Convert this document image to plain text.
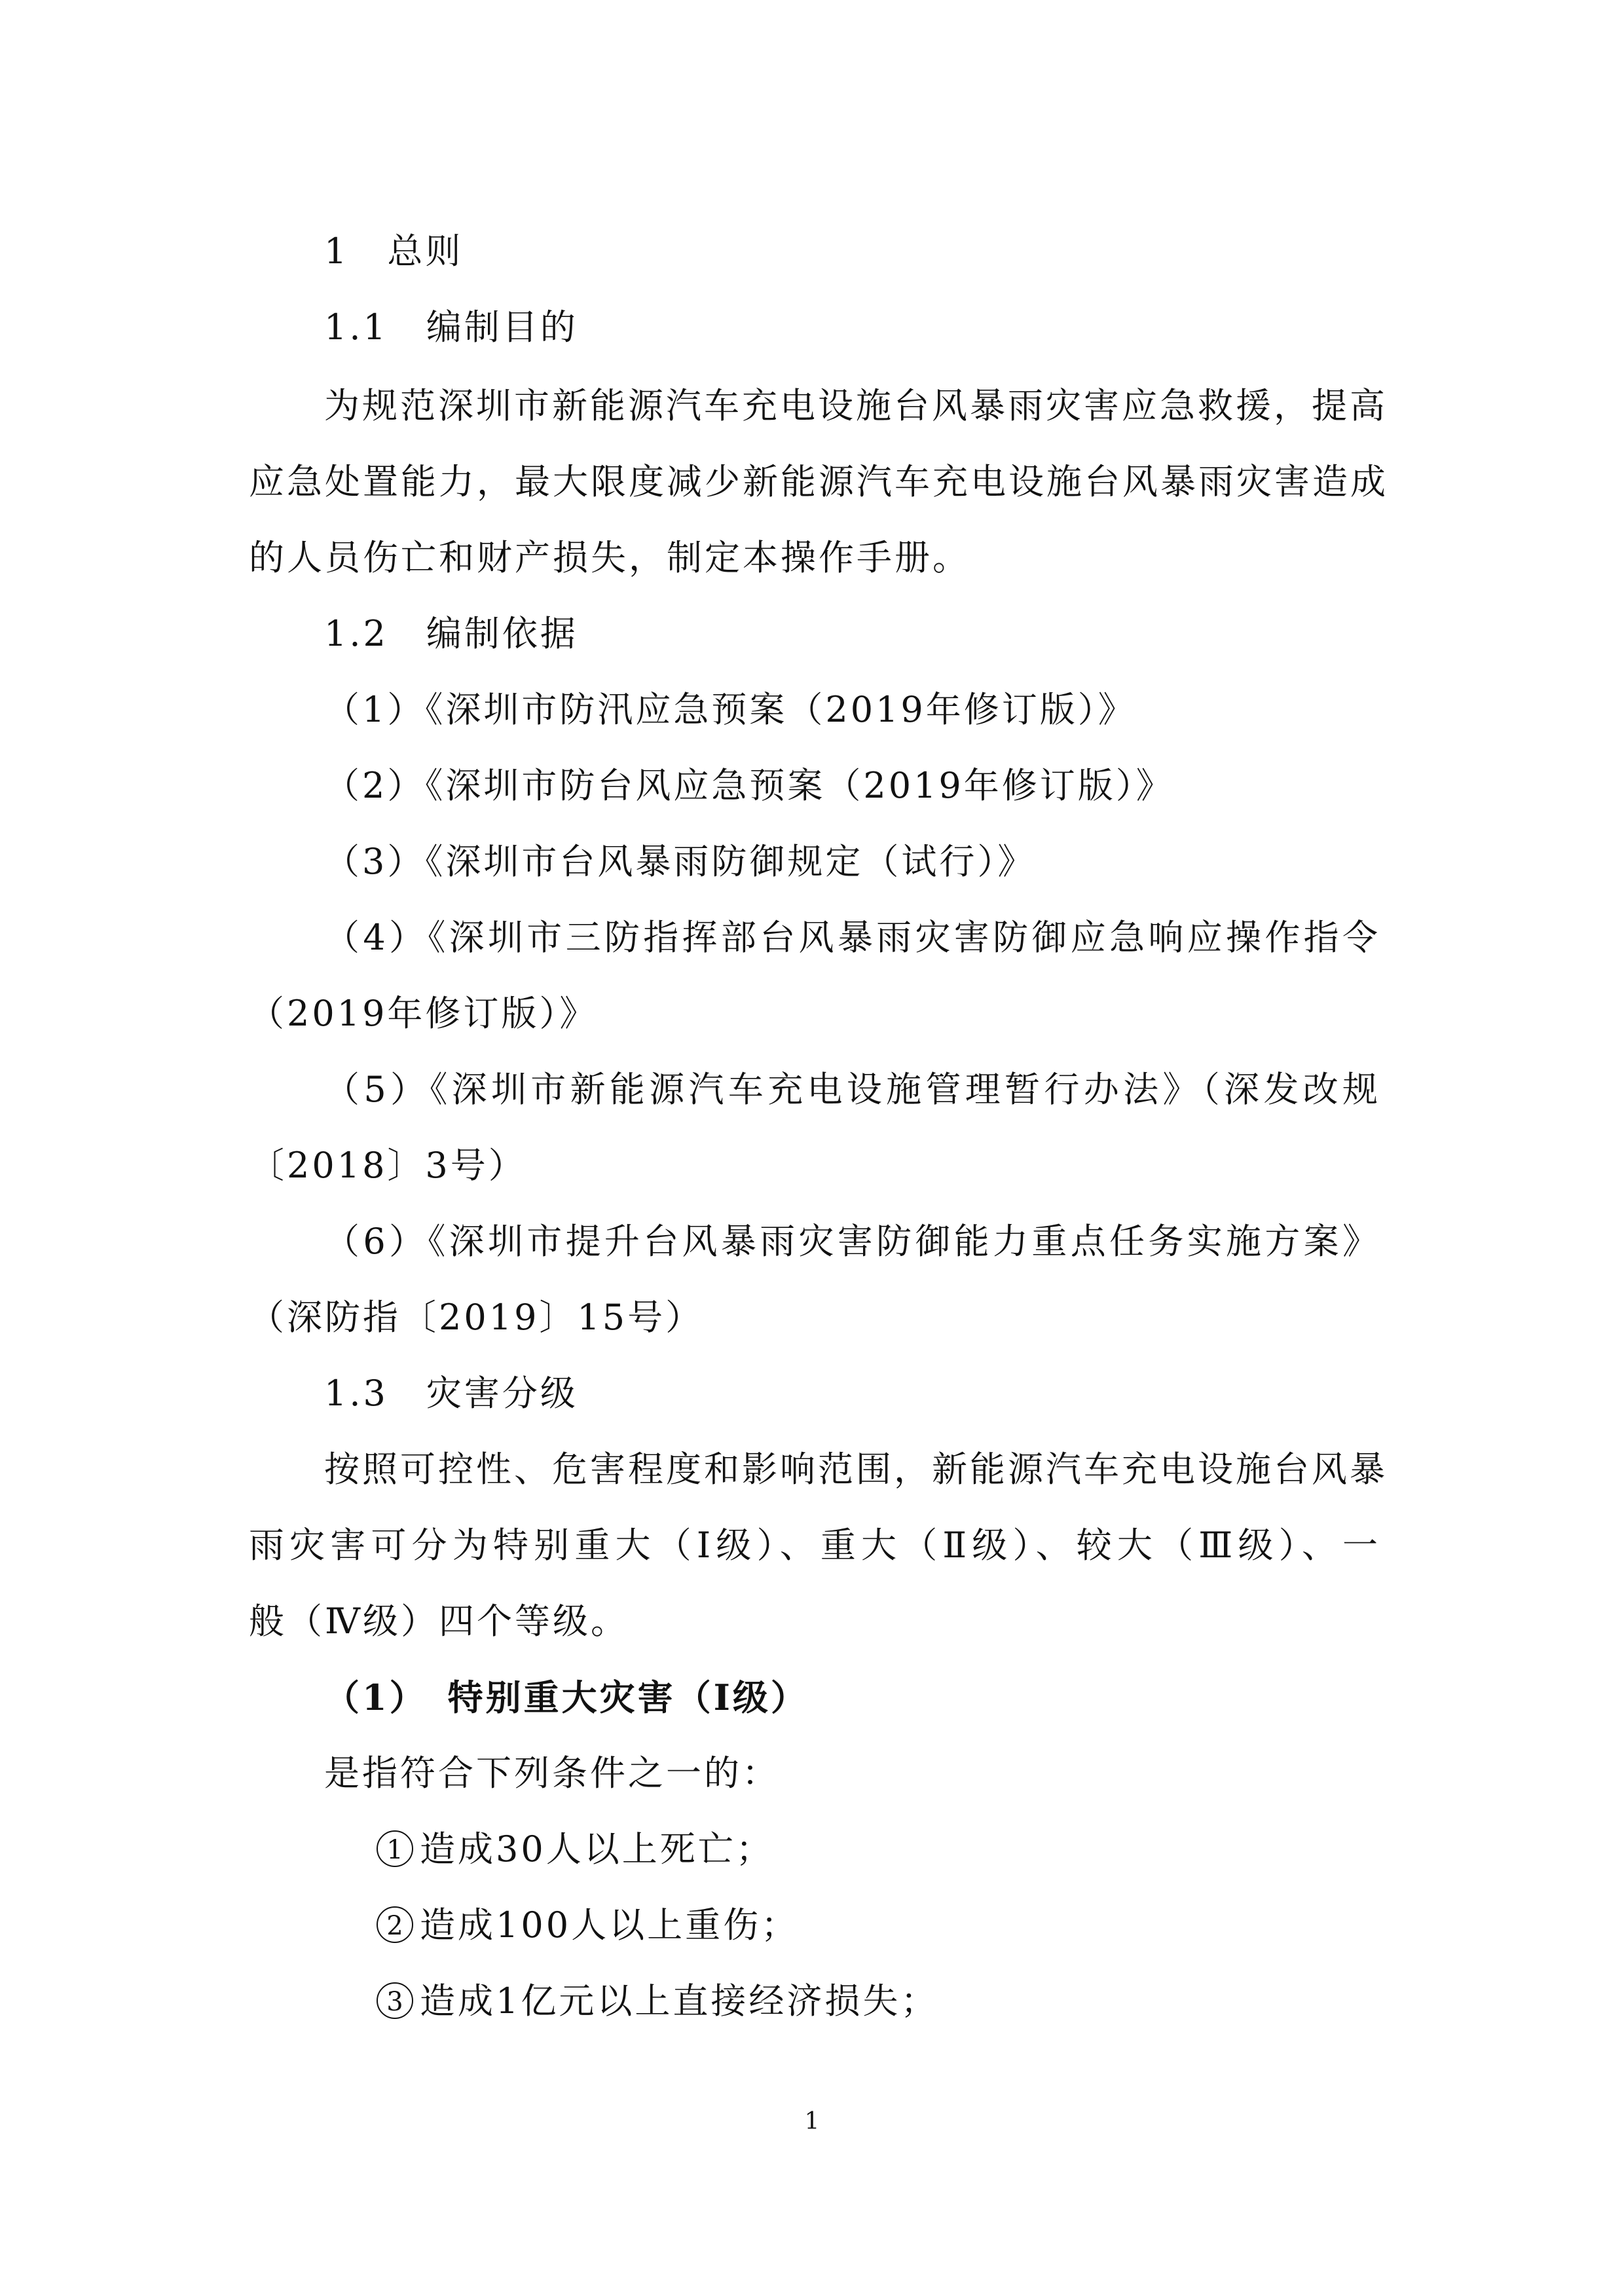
1　总则
1.1　编制目的
为规范深圳市新能源汽车充电设施台风暴雨灾害应急救援，提高
应急处置能力，最大限度减少新能源汽车充电设施台风暴雨灾害造成
的人员伤亡和财产损失，制定本操作手册。
1.2　编制依据
（1）《深圳市防汛应急预案（2019年修订版）》
（2）《深圳市防台风应急预案（2019年修订版）》
（3）《深圳市台风暴雨防御规定（试行）》
（4）《深圳市三防指挥部台风暴雨灾害防御应急响应操作指令
（2019年修订版）》
（5）《深圳市新能源汽车充电设施管理暂行办法》（深发改规
〔2018〕3号）
（6）《深圳市提升台风暴雨灾害防御能力重点任务实施方案》
（深防指〔2019〕15号）
1.3　灾害分级
按照可控性、危害程度和影响范围，新能源汽车充电设施台风暴
雨灾害可分为特别重大（Ⅰ级）、重大（Ⅱ级）、较大（Ⅲ级）、一
般（Ⅳ级）四个等级。
（1）　特别重大灾害（Ⅰ级）
是指符合下列条件之一的：
1 造成30人以上死亡；
2 造成100人以上重伤；
3 造成1亿元以上直接经济损失；
1
